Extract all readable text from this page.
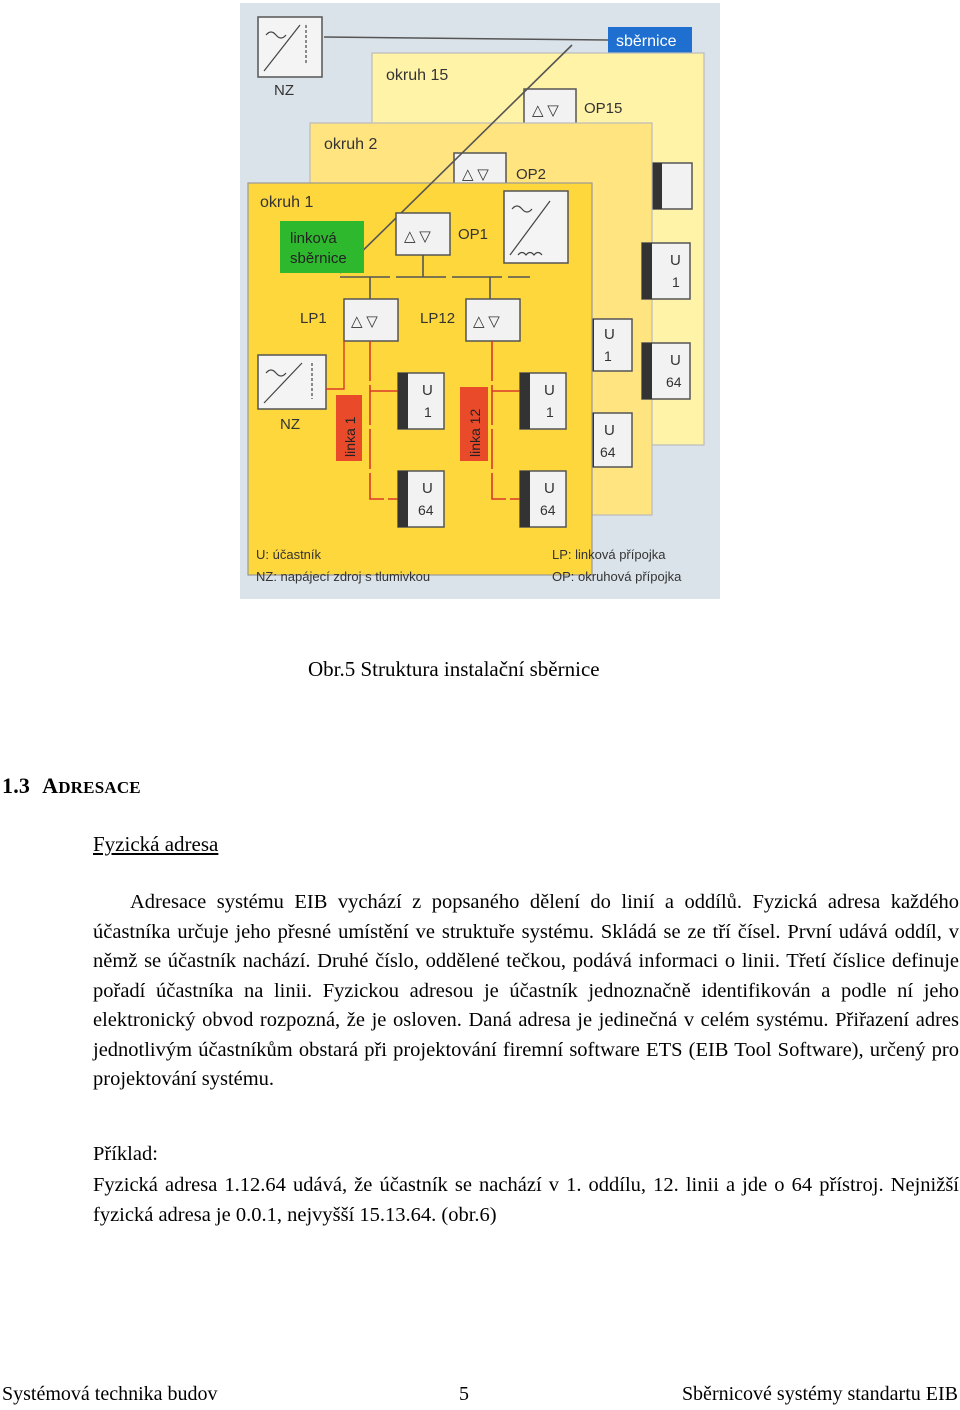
NZ
sběrnice
okruh 15
△ ▽ OP15
okruh 2
△ ▽ OP2
U
1
U
64
U
1
U
64
okruh 1
linková
sběrnice
△ ▽ OP1
LP1 △ ▽	LP12 △ ▽
NZ	linka 1	linka 12
U
1
U
64
U
1
U
64
U: účastník
NZ: napájecí zdroj s tlumivkou
LP: linková přípojka
OP: okruhová přípojka
Obr.5 Struktura instalační sběrnice
1.3 ADRESACE
Fyzická adresa

Adresace systému EIB vychází z popsaného dělení do linií a oddílů. Fyzická adresa každého účastníka určuje jeho přesné umístění ve struktuře systému. Skládá se ze tří čísel. První udává oddíl, v němž se účastník nachází. Druhé číslo, oddělené tečkou, podává informaci o linii. Třetí číslice definuje pořadí účastníka na linii. Fyzickou adresou je účastník jednoznačně identifikován a podle ní jeho elektronický obvod rozpozná, že je osloven. Daná adresa je jedinečná v celém systému. Přiřazení adres jednotlivým účastníkům obstará při projektování firemní software ETS (EIB Tool Software), určený pro projektování systému.

Příklad:

Fyzická adresa 1.12.64 udává, že účastník se nachází v 1. oddílu, 12. linii a jde o 64 přístroj. Nejnižší fyzická adresa je 0.0.1, nejvyšší 15.13.64. (obr.6)

Systémová technika budov	5	Sběrnicové systémy standartu EIB
